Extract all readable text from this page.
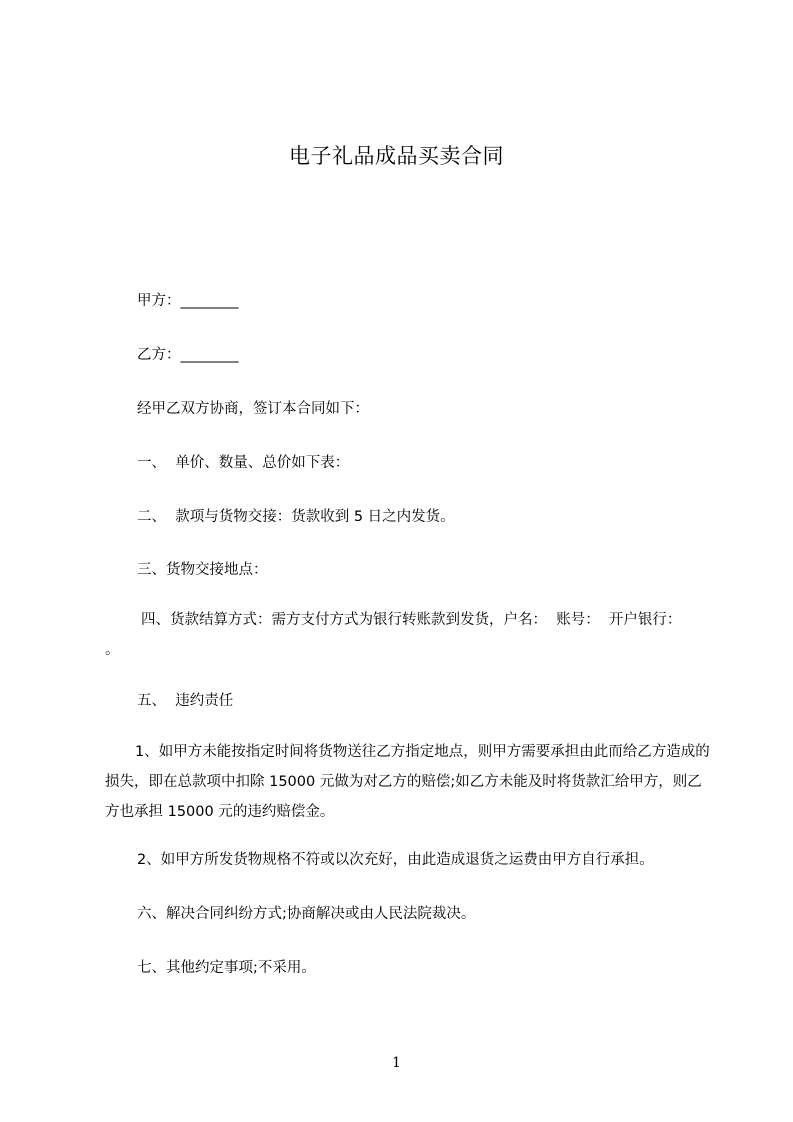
电子礼品成品买卖合同
甲方：________
乙方：________
经甲乙双方协商，签订本合同如下：
一、  单价、数量、总价如下表：
二、  款项与货物交接：货款收到 5 日之内发货。
三、货物交接地点：
四、货款结算方式：需方支付方式为银行转账款到发货，户名：  账号：  开户银行：  。
五、  违约责任
1、如甲方未能按指定时间将货物送往乙方指定地点，则甲方需要承担由此而给乙方造成的损失，即在总款项中扣除 15000 元做为对乙方的赔偿;如乙方未能及时将货款汇给甲方，则乙方也承担 15000 元的违约赔偿金。
2、如甲方所发货物规格不符或以次充好，由此造成退货之运费由甲方自行承担。
六、解决合同纠纷方式;协商解决或由人民法院裁决。
七、其他约定事项;不采用。
1
